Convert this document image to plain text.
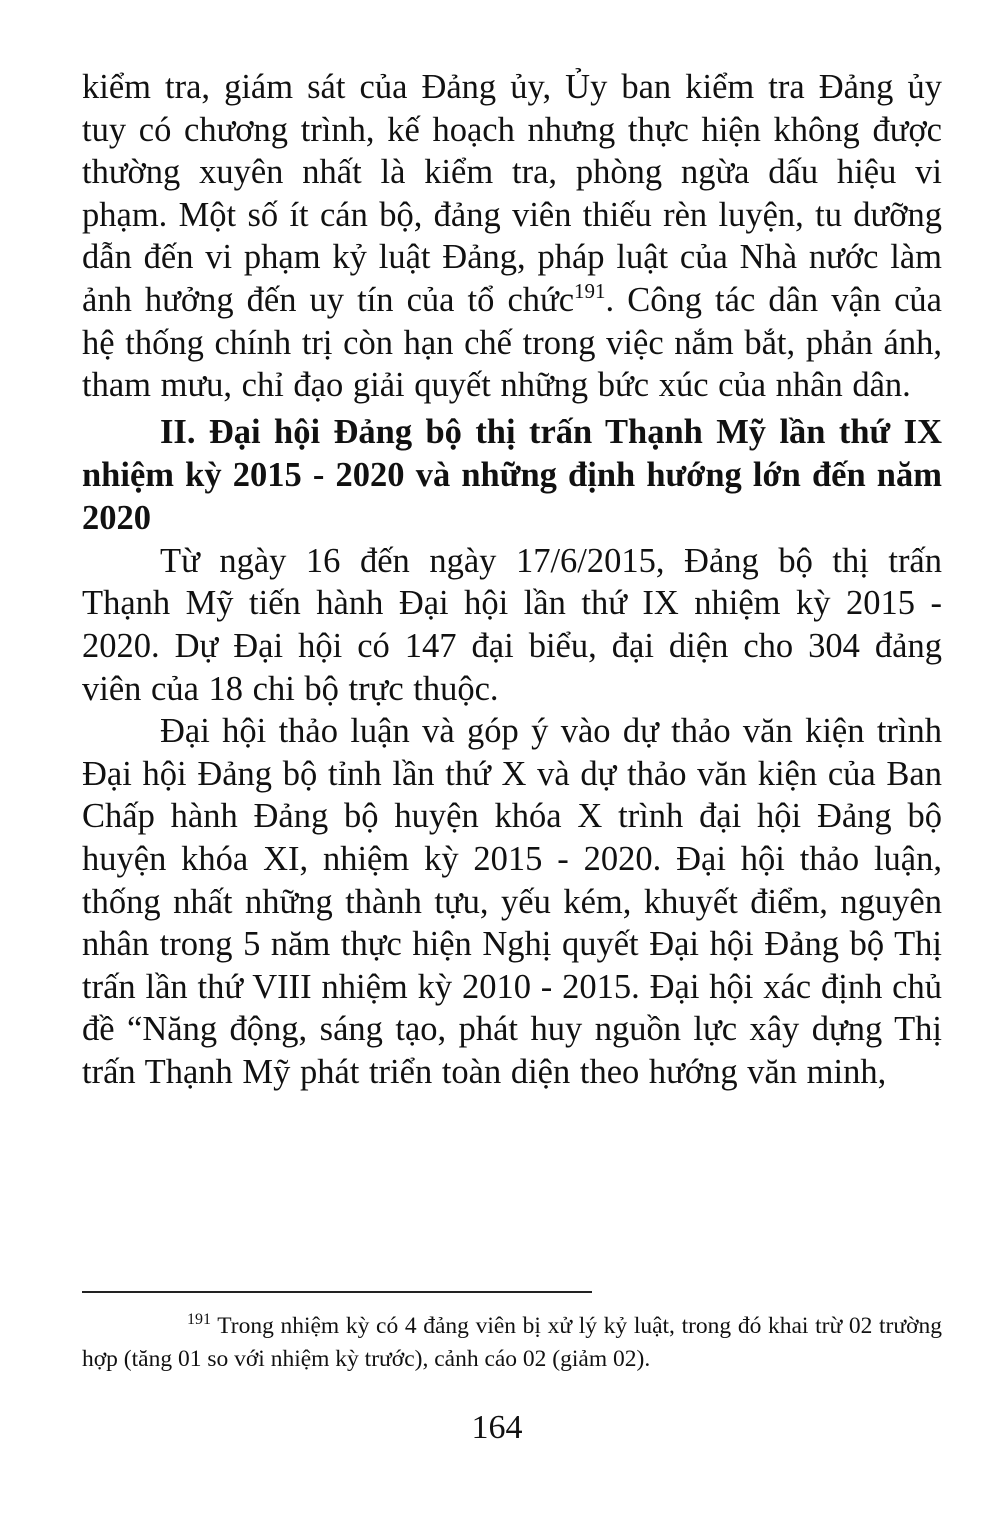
kiểm tra, giám sát của Đảng ủy, Ủy ban kiểm tra Đảng ủy tuy có chương trình, kế hoạch nhưng thực hiện không được thường xuyên nhất là kiểm tra, phòng ngừa dấu hiệu vi phạm. Một số ít cán bộ, đảng viên thiếu rèn luyện, tu dưỡng dẫn đến vi phạm kỷ luật Đảng, pháp luật của Nhà nước làm ảnh hưởng đến uy tín của tổ chức$^{191}$. Công tác dân vận của hệ thống chính trị còn hạn chế trong việc nắm bắt, phản ánh, tham mưu, chỉ đạo giải quyết những bức xúc của nhân dân.

II. Đại hội Đảng bộ thị trấn Thạnh Mỹ lần thứ IX nhiệm kỳ 2015 - 2020 và những định hướng lớn đến năm 2020

Từ ngày 16 đến ngày 17/6/2015, Đảng bộ thị trấn Thạnh Mỹ tiến hành Đại hội lần thứ IX nhiệm kỳ 2015 - 2020. Dự Đại hội có 147 đại biểu, đại diện cho 304 đảng viên của 18 chi bộ trực thuộc.

Đại hội thảo luận và góp ý vào dự thảo văn kiện trình Đại hội Đảng bộ tỉnh lần thứ X và dự thảo văn kiện của Ban Chấp hành Đảng bộ huyện khóa X trình đại hội Đảng bộ huyện khóa XI, nhiệm kỳ 2015 - 2020. Đại hội thảo luận, thống nhất những thành tựu, yếu kém, khuyết điểm, nguyên nhân trong 5 năm thực hiện Nghị quyết Đại hội Đảng bộ Thị trấn lần thứ VIII nhiệm kỳ 2010 - 2015. Đại hội xác định chủ đề “Năng động, sáng tạo, phát huy nguồn lực xây dựng Thị trấn Thạnh Mỹ phát triển toàn diện theo hướng văn minh,

$^{191}$ Trong nhiệm kỳ có 4 đảng viên bị xử lý kỷ luật, trong đó khai trừ 02 trường hợp (tăng 01 so với nhiệm kỳ trước), cảnh cáo 02 (giảm 02).

164
